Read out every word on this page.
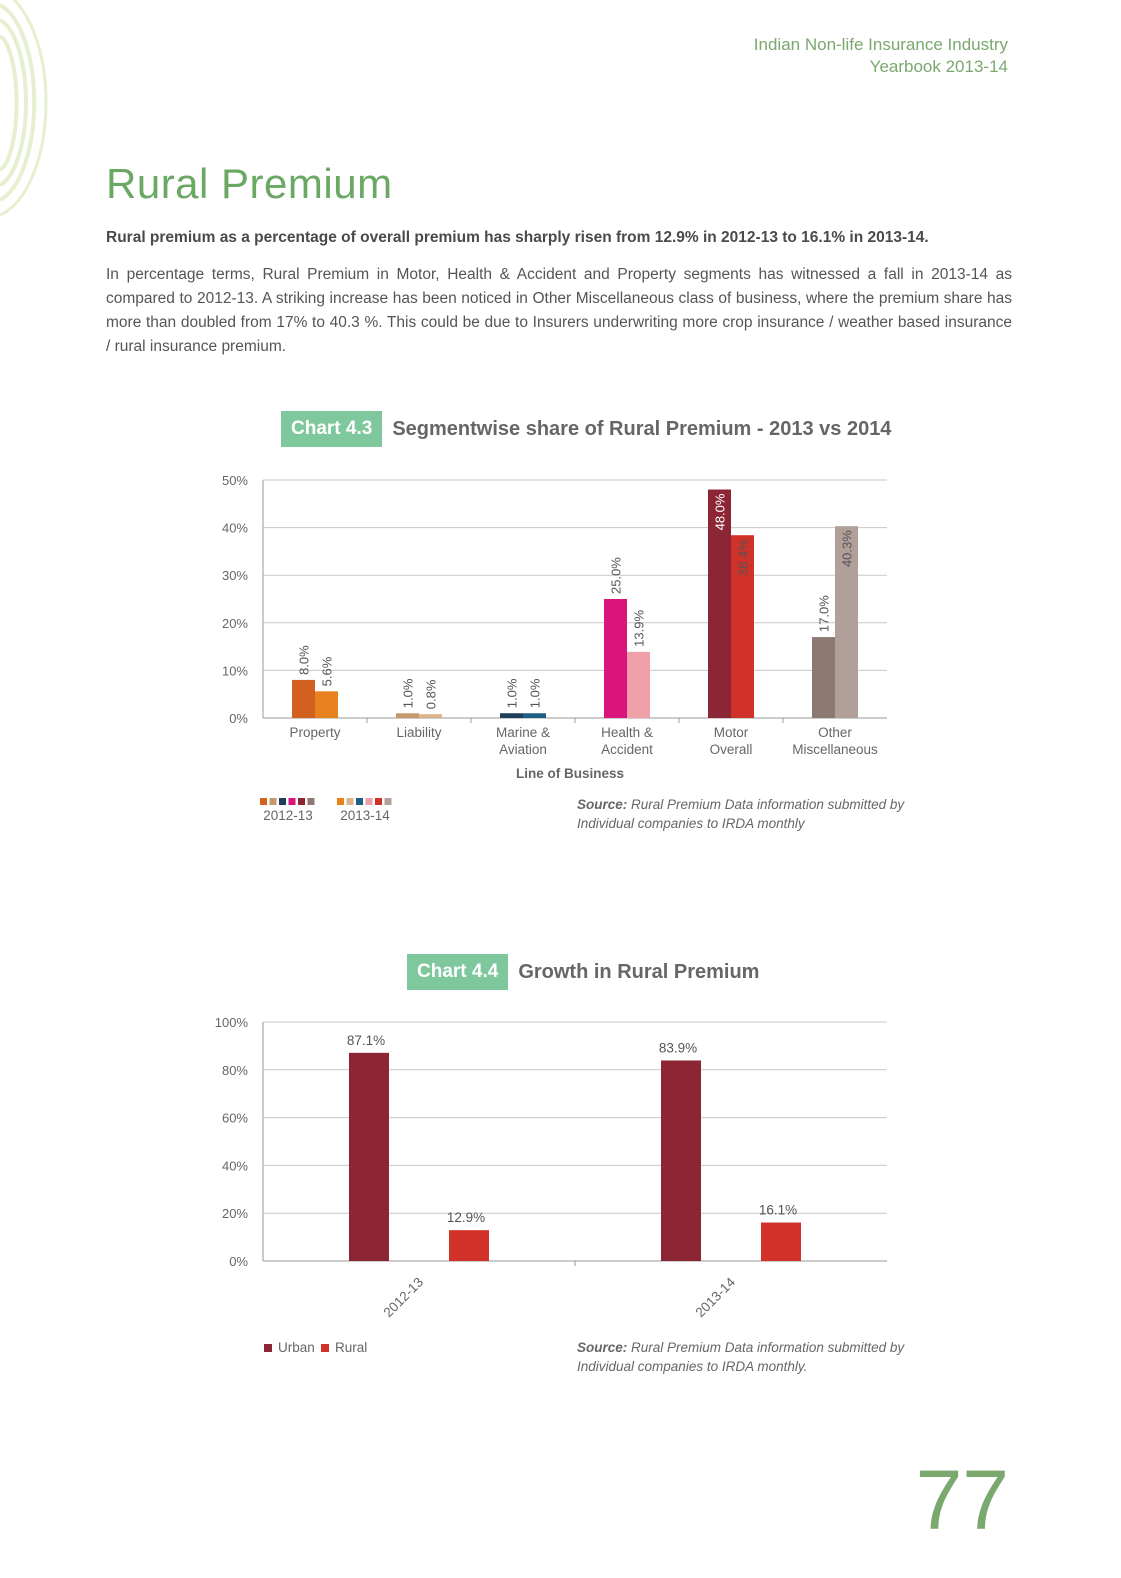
Indian Non-life Insurance Industry
Yearbook 2013-14
Rural Premium
Rural premium as a percentage of overall premium has sharply risen from 12.9% in 2012-13 to 16.1% in 2013-14.

In percentage terms, Rural Premium in Motor, Health & Accident and Property segments has witnessed a fall in 2013-14 as compared to 2012-13. A striking increase has been noticed in Other Miscellaneous class of business, where the premium share has more than doubled from 17% to 40.3 %. This could be due to Insurers underwriting more crop insurance / weather based insurance / rural insurance premium.

Chart 4.3	Segmentwise share of Rural Premium - 2013 vs 2014
0%
10%
20%
30%
40%
50%
8.0% 5.6%
Property
1.0% 0.8%
Liability
1.0% 1.0%
Marine &
Aviation
25.0%
13.9%
Health &
Accident
48.0%
38.4%
Motor
Overall
17.0%
40.3%
Other
Miscellaneous
Line of Business
2012-13 2013-14
Source: Rural Premium Data information submitted by
Individual companies to IRDA monthly
Chart 4.4	Growth in Rural Premium
0%
20%
40%
60%
80%
100%
87.1%
12.9%
2012-13
83.9%
16.1%
2013-14
Urban Rural	Source: Rural Premium Data information submitted by
Individual companies to IRDA monthly.
77
